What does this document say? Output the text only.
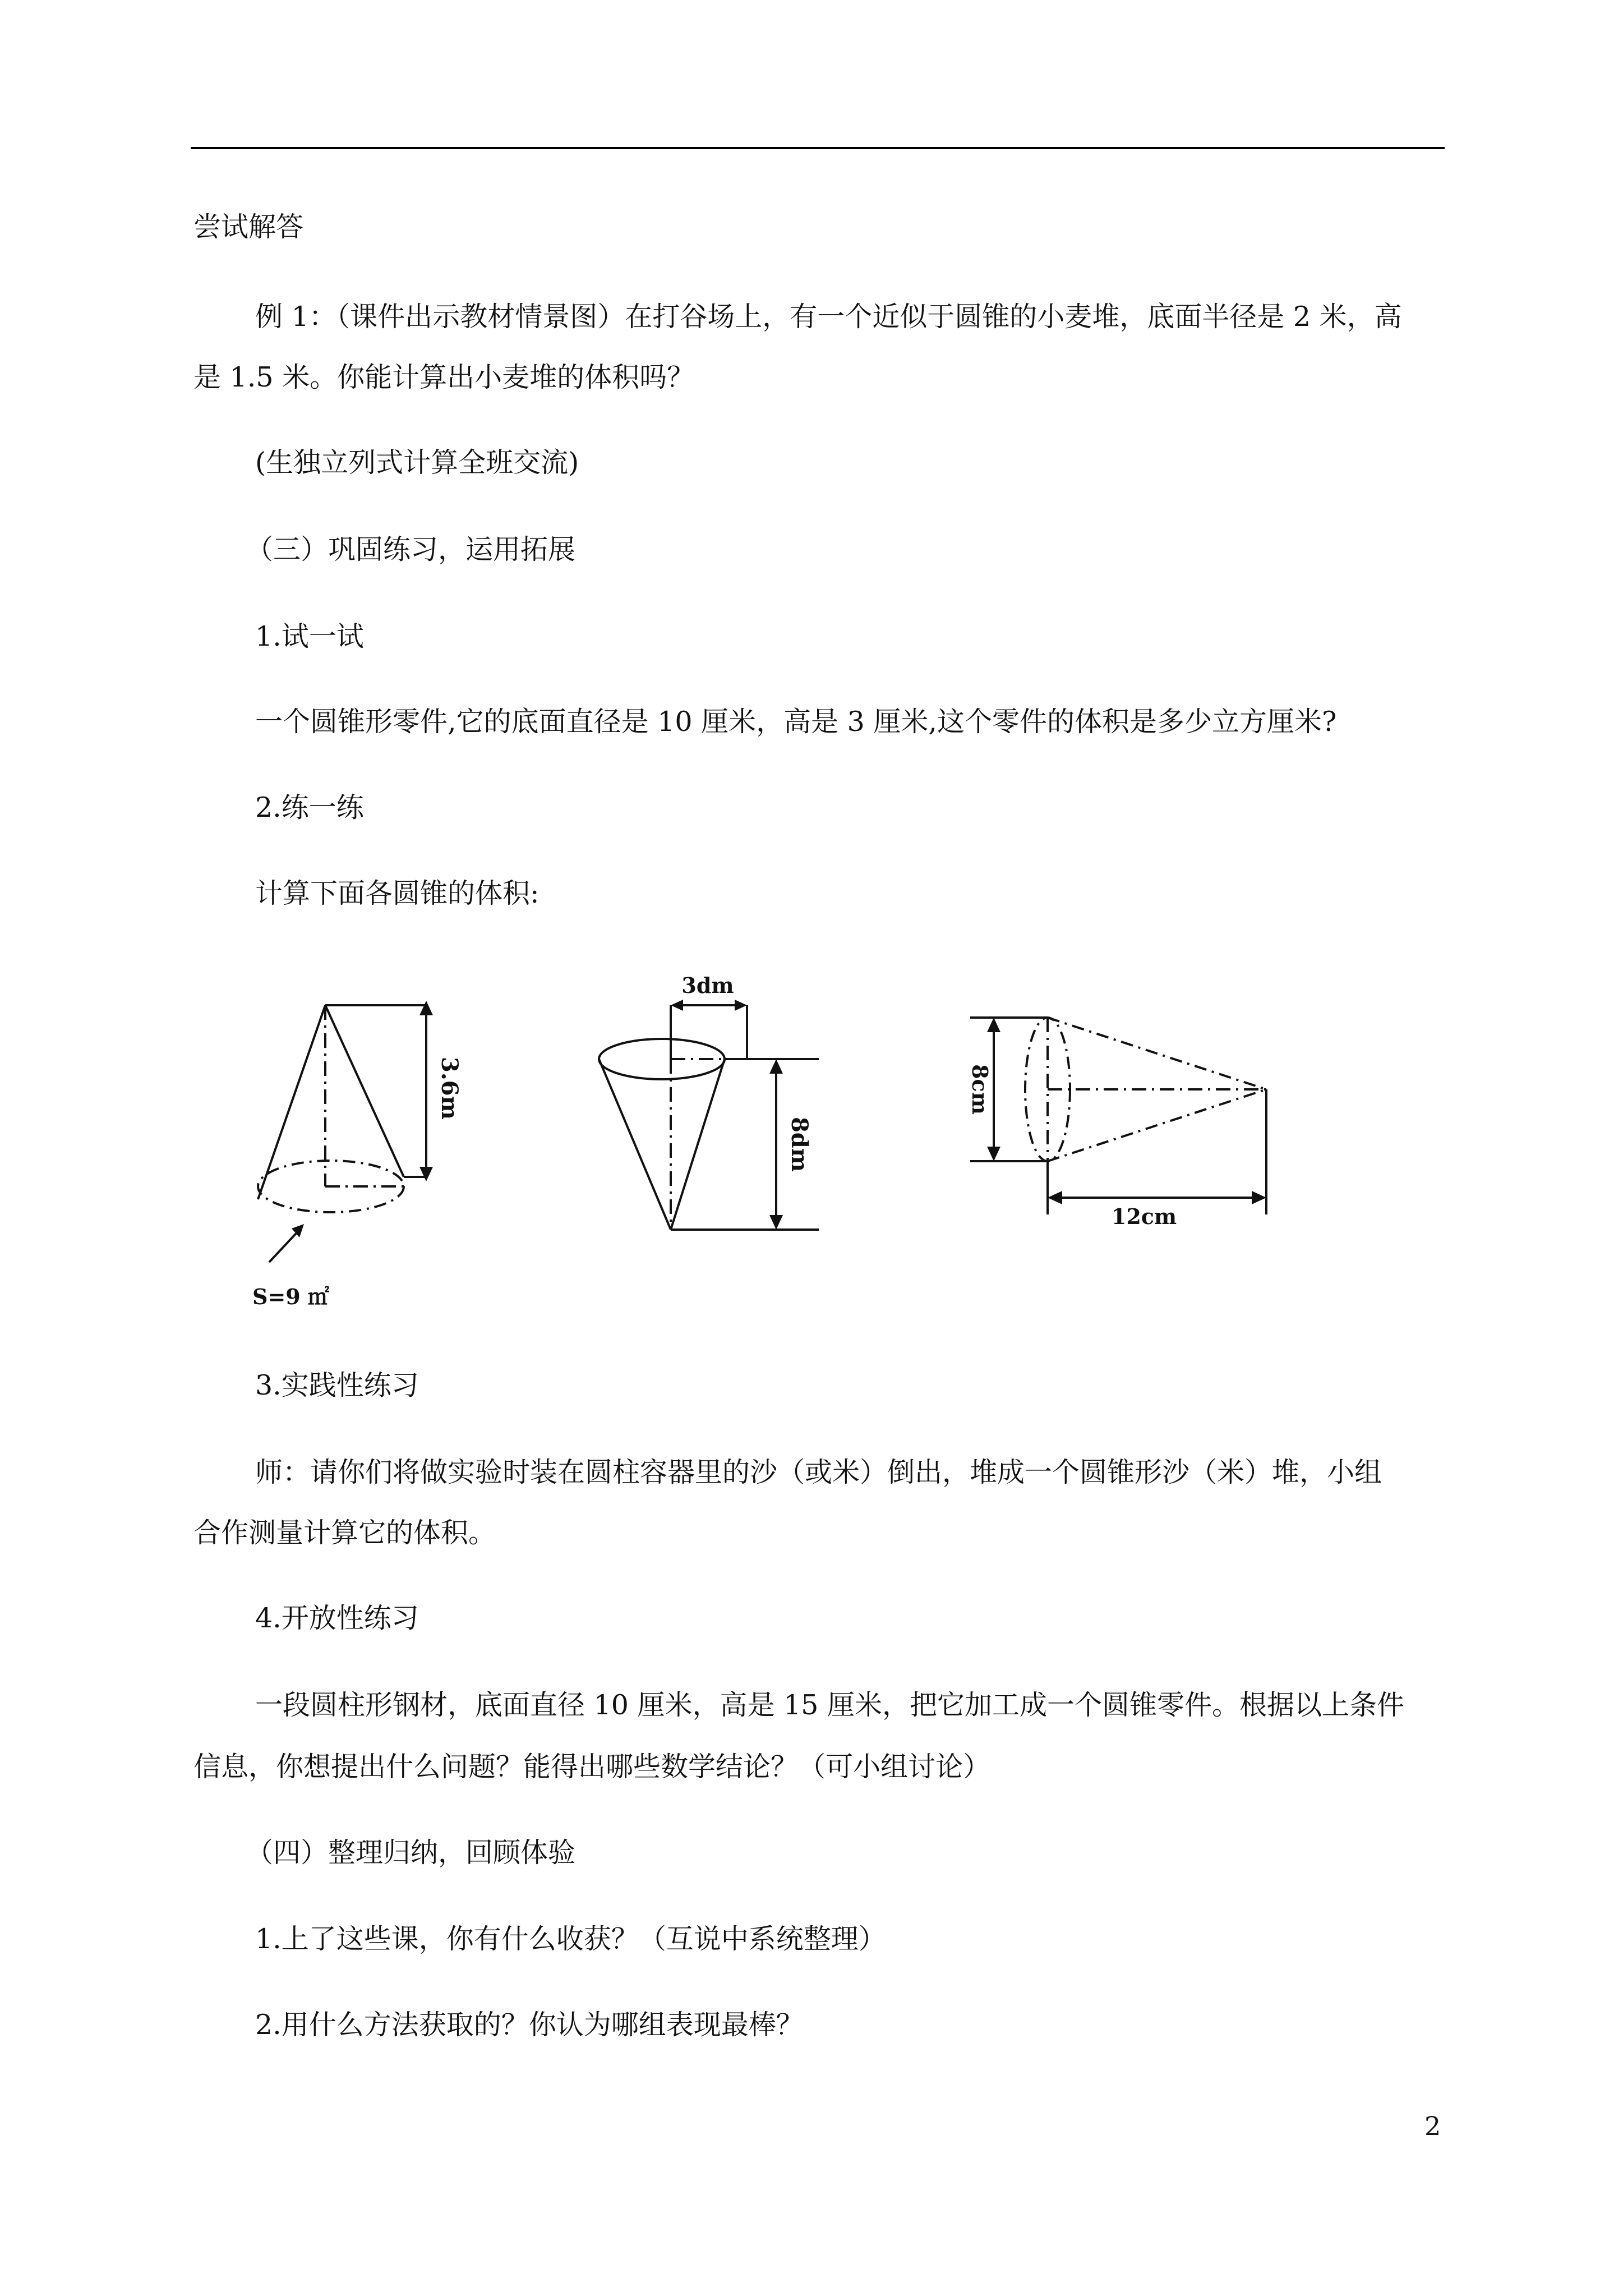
尝试解答
例 1：（课件出示教材情景图）在打谷场上，有一个近似于圆锥的小麦堆，底面半径是 2 米，高
是 1.5 米。你能计算出小麦堆的体积吗？
(生独立列式计算全班交流)
（三）巩固练习，运用拓展
1.试一试
一个圆锥形零件,它的底面直径是 10 厘米，高是 3 厘米,这个零件的体积是多少立方厘米?
2.练一练
计算下面各圆锥的体积:
3.6m
S=9 ㎡
3dm
8dm
8cm
12cm
3.实践性练习
师：请你们将做实验时装在圆柱容器里的沙（或米）倒出，堆成一个圆锥形沙（米）堆，小组
合作测量计算它的体积。
4.开放性练习
一段圆柱形钢材，底面直径 10 厘米，高是 15 厘米，把它加工成一个圆锥零件。根据以上条件
信息，你想提出什么问题？能得出哪些数学结论？（可小组讨论）
（四）整理归纳，回顾体验
1.上了这些课，你有什么收获？（互说中系统整理）
2.用什么方法获取的？你认为哪组表现最棒？
2
